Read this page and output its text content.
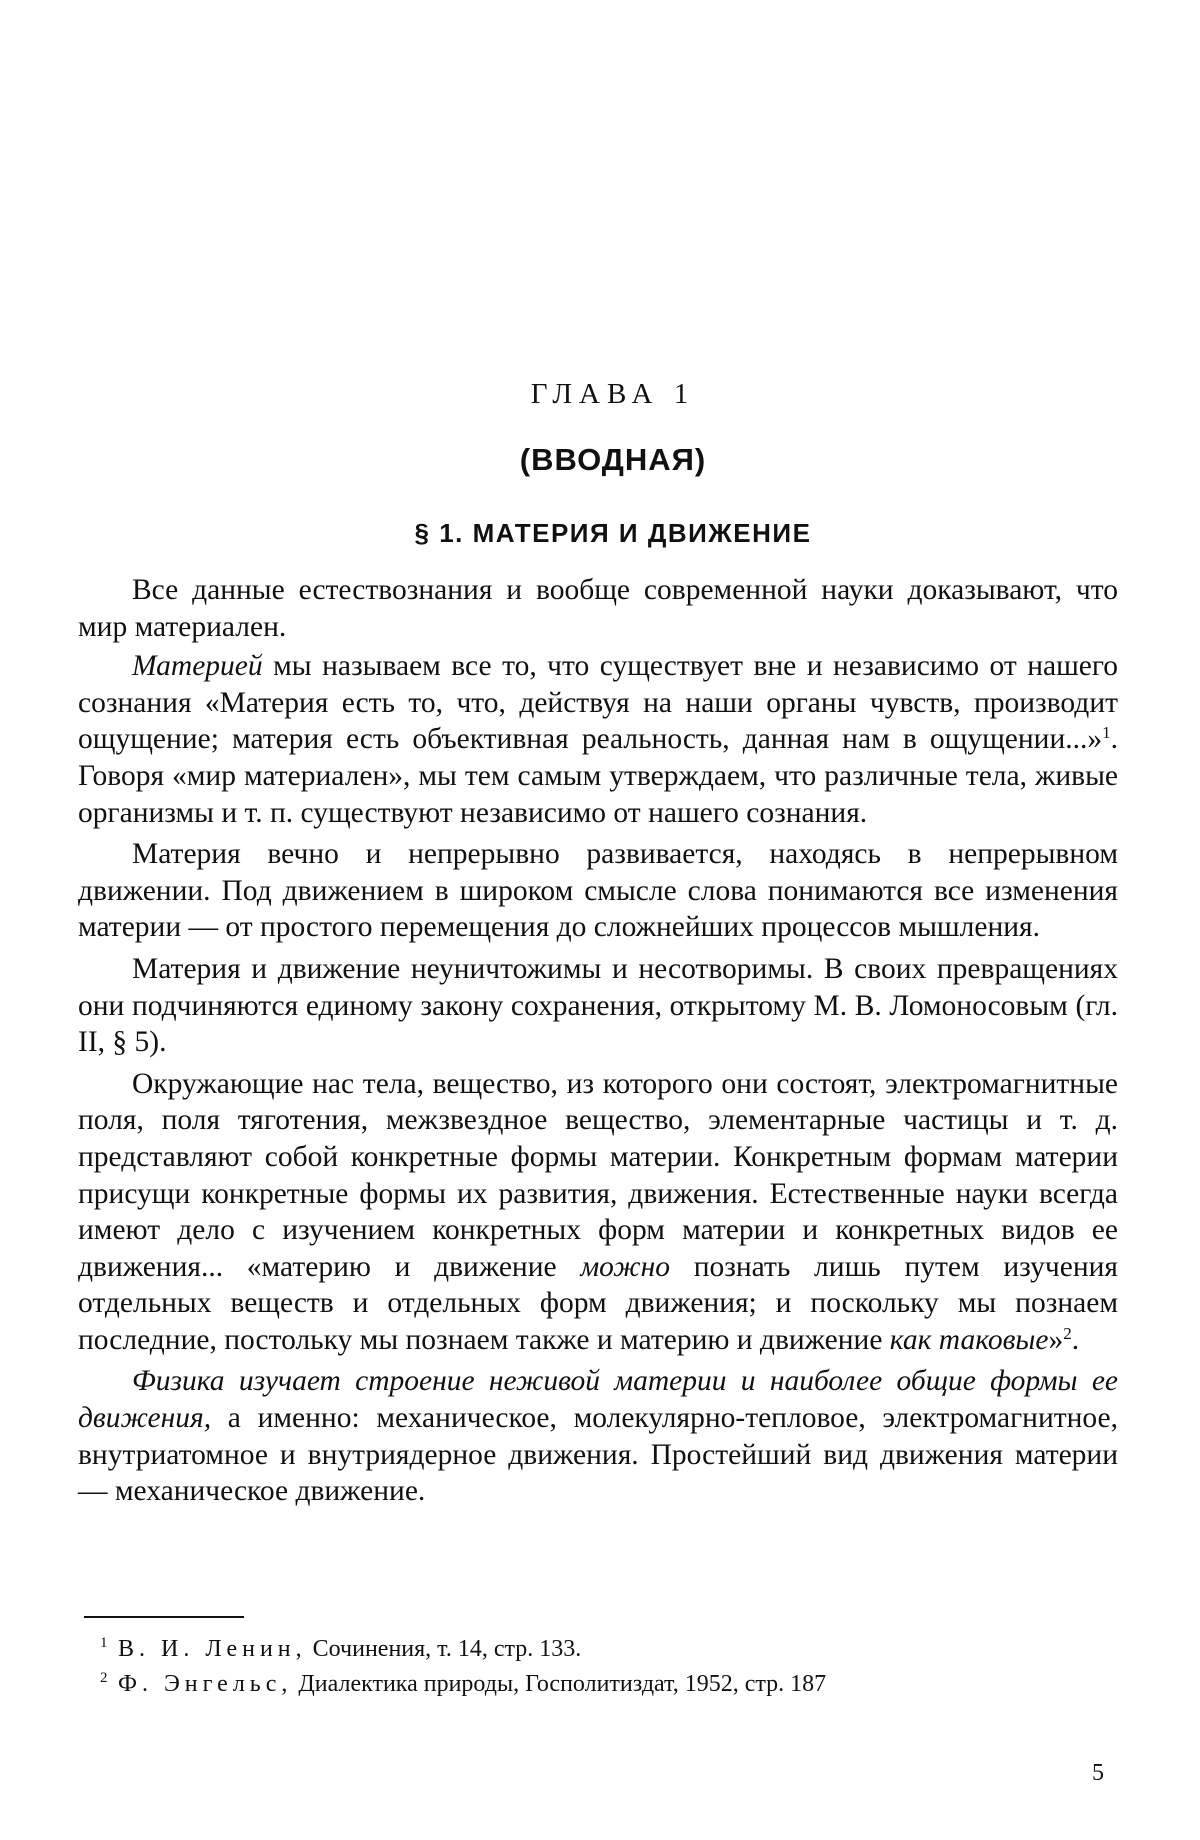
ГЛАВА 1
(ВВОДНАЯ)
§ 1. МАТЕРИЯ И ДВИЖЕНИЕ

Все данные естествознания и вообще современной науки доказывают, что мир материален.

Материей мы называем все то, что существует вне и независимо от нашего сознания «Материя есть то, что, действуя на наши органы чувств, производит ощущение; материя есть объективная реальность, данная нам в ощущении...»$^1$. Говоря «мир материален», мы тем самым утверждаем, что различные тела, живые организмы и т. п. существуют независимо от нашего сознания.

Материя вечно и непрерывно развивается, находясь в непрерывном движении. Под движением в широком смысле слова понимаются все изменения материи — от простого перемещения до сложнейших процессов мышления.

Материя и движение неуничтожимы и несотворимы. В своих превращениях они подчиняются единому закону сохранения, открытому М. В. Ломоносовым (гл. II, § 5).

Окружающие нас тела, вещество, из которого они состоят, электромагнитные поля, поля тяготения, межзвездное вещество, элементарные частицы и т. д. представляют собой конкретные формы материи. Конкретным формам материи присущи конкретные формы их развития, движения. Естественные науки всегда имеют дело с изучением конкретных форм материи и конкретных видов ее движения... «материю и движение можно познать лишь путем изучения отдельных веществ и отдельных форм движения; и поскольку мы познаем последние, постольку мы познаем также и материю и движение как таковые»$^2$.

Физика изучает строение неживой материи и наиболее общие формы ее движения, а именно: механическое, молекулярно-тепловое, электромагнитное, внутриатомное и внутриядерное движения. Простейший вид движения материи — механическое движение.

1 В. И. Ленин, Сочинения, т. 14, стр. 133.
2 Ф. Энгельс, Диалектика природы, Госполитиздат, 1952, стр. 187
5
